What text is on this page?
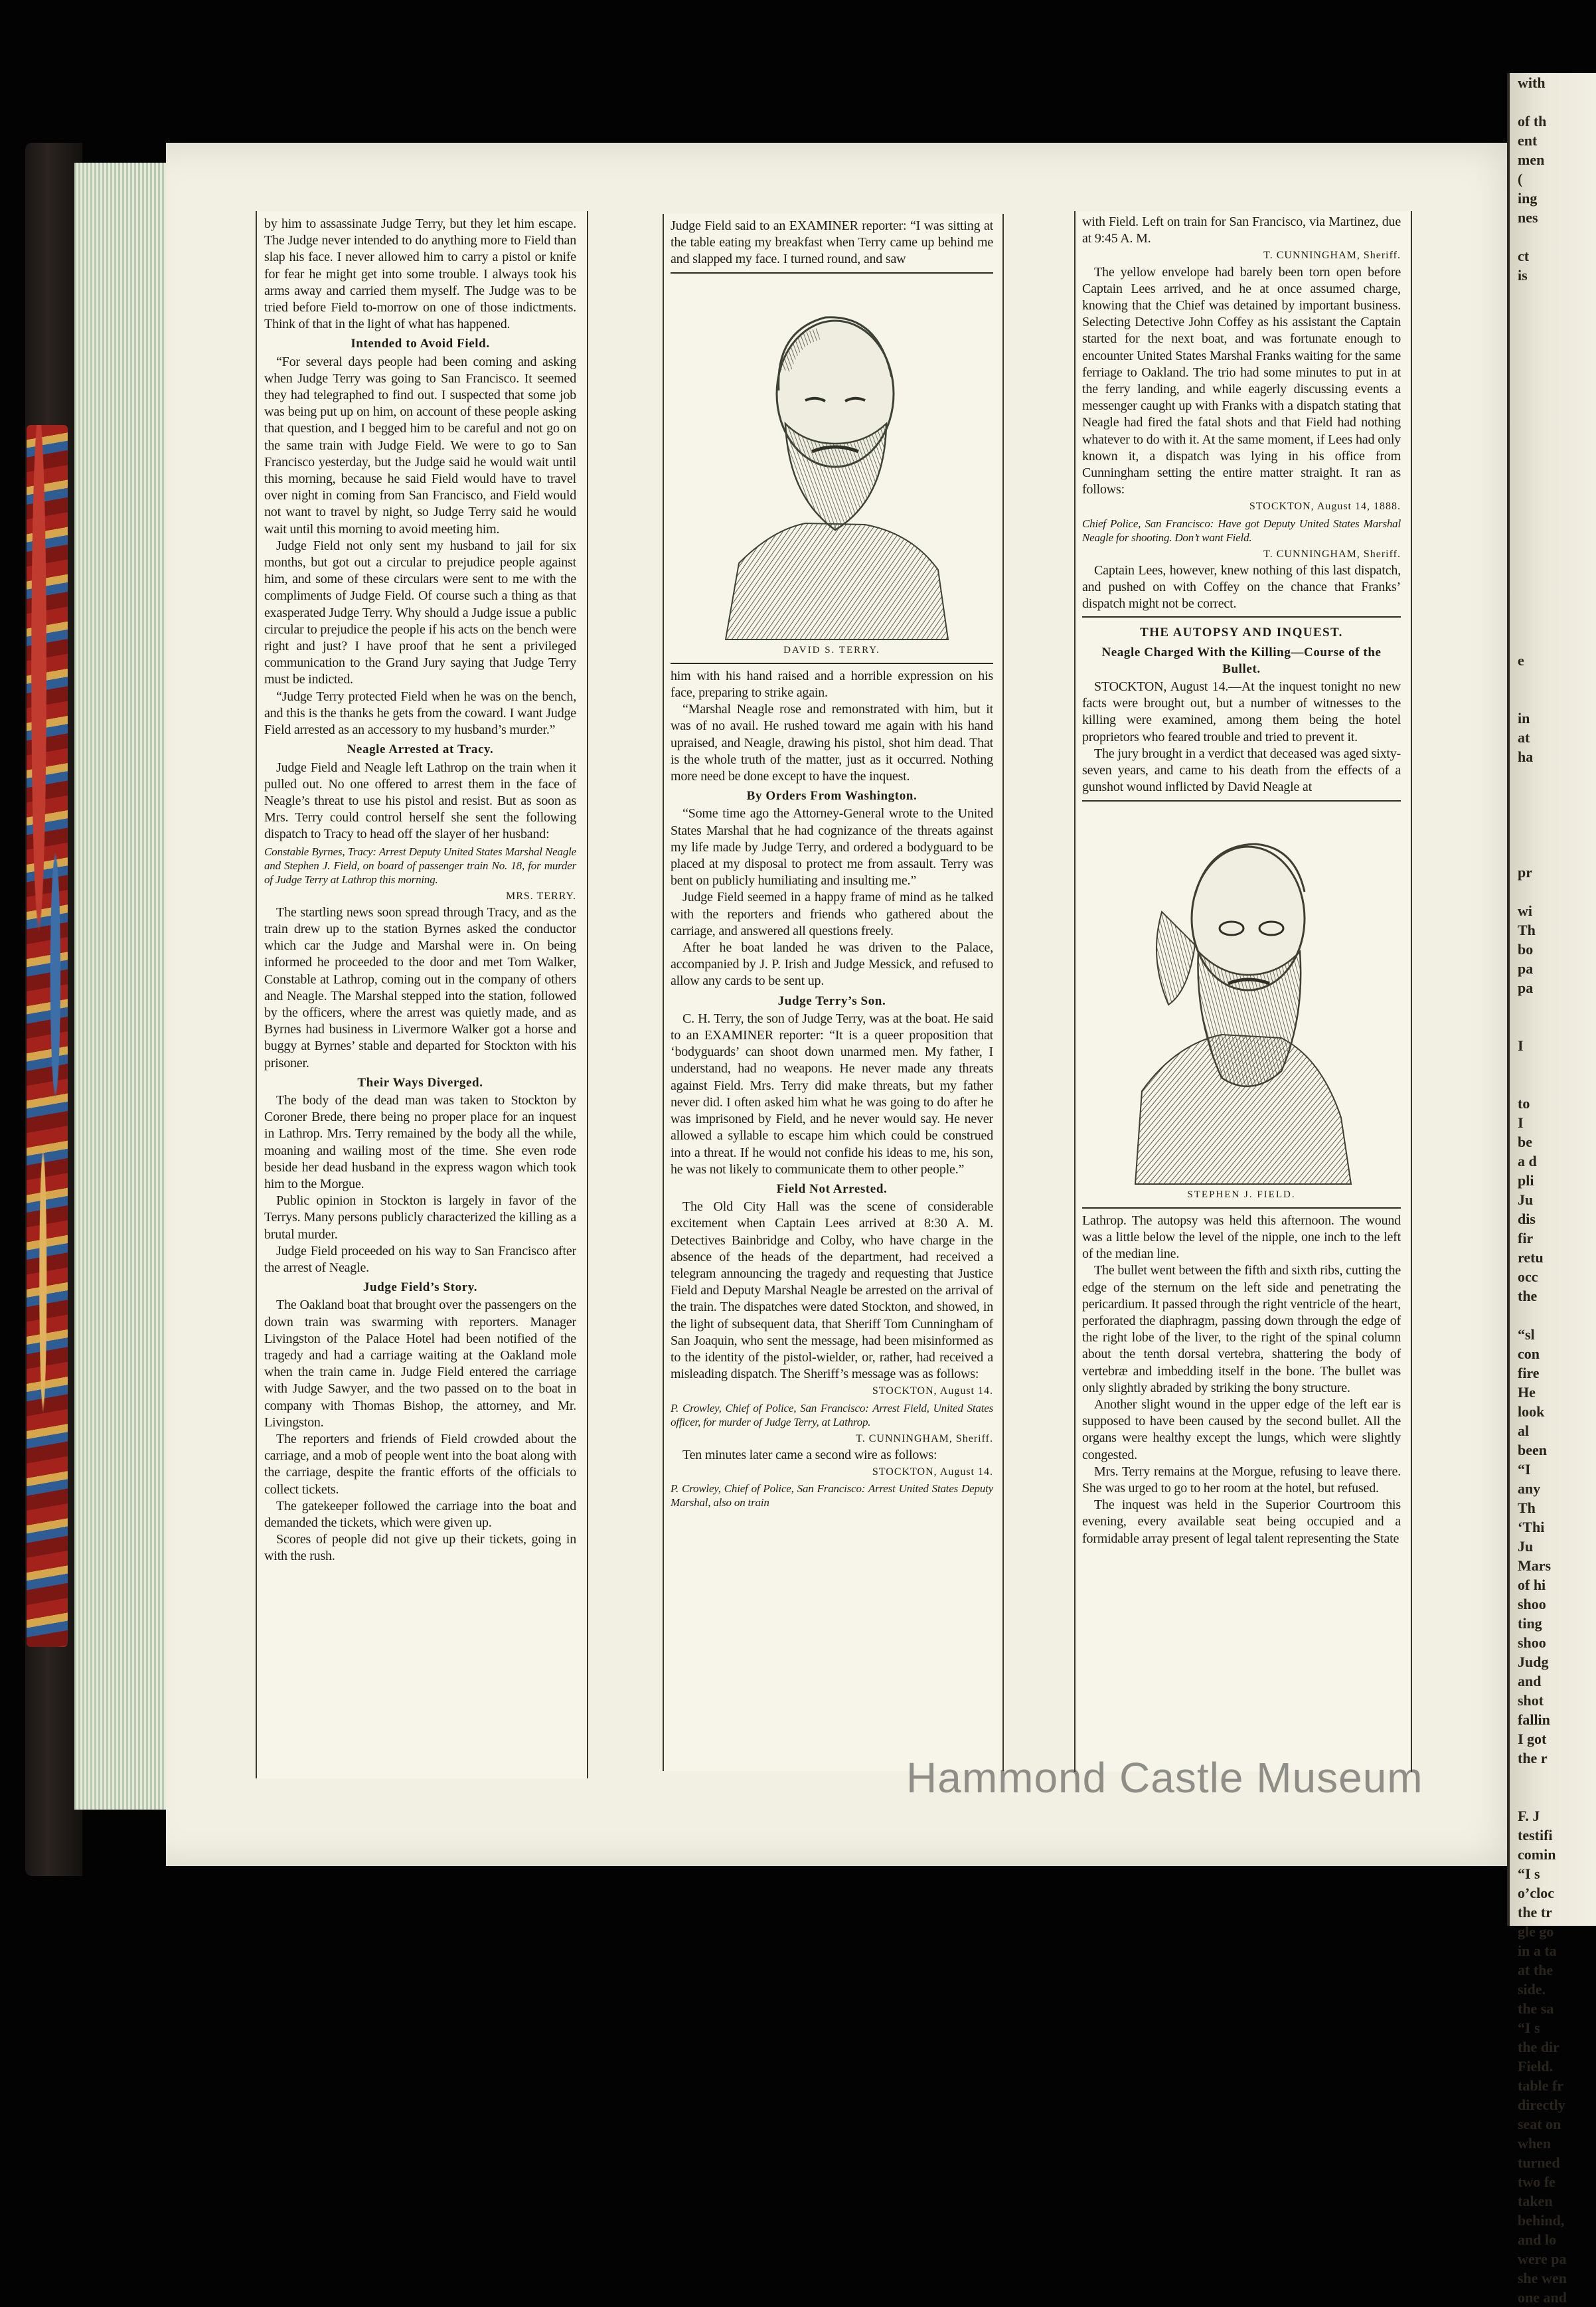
with

of th
ent
men
(
ing
nes

ct
is

e

in
at
ha

pr

wi
Th
bo
pa
pa

I

to
I
be
a d
pli
Ju
dis
fir
retu
occ
the

“sl
con
fire
He
look
al
been
“I
any
Th
‘Thi
Ju
Mars
of hi
shoo
ting
shoo
Judg
and
shot
fallin
I got
the r

F. J
testifi
comin
“I s
o’cloc
the tr
gle go
in a ta
at the
side.
the sa
“I s
the dir
Field.
table fr
directly
seat on
when
turned
two fe
taken
behind,
and lo
were pa
she wen
one and

by him to assassinate Judge Terry, but they let him escape. The Judge never intended to do anything more to Field than slap his face. I never allowed him to carry a pistol or knife for fear he might get into some trouble. I always took his arms away and carried them myself. The Judge was to be tried before Field to-morrow on one of those indictments. Think of that in the light of what has happened.

Intended to Avoid Field.

“For several days people had been coming and asking when Judge Terry was going to San Francisco. It seemed they had telegraphed to find out. I suspected that some job was being put up on him, on account of these people asking that question, and I begged him to be careful and not go on the same train with Judge Field. We were to go to San Francisco yesterday, but the Judge said he would wait until this morning, because he said Field would have to travel over night in coming from San Francisco, and Field would not want to travel by night, so Judge Terry said he would wait until this morning to avoid meeting him.

Judge Field not only sent my husband to jail for six months, but got out a circular to prejudice people against him, and some of these circulars were sent to me with the compliments of Judge Field. Of course such a thing as that exasperated Judge Terry. Why should a Judge issue a public circular to prejudice the people if his acts on the bench were right and just? I have proof that he sent a privileged communication to the Grand Jury saying that Judge Terry must be indicted.

“Judge Terry protected Field when he was on the bench, and this is the thanks he gets from the coward. I want Judge Field arrested as an accessory to my husband’s murder.”

Neagle Arrested at Tracy.

Judge Field and Neagle left Lathrop on the train when it pulled out. No one offered to arrest them in the face of Neagle’s threat to use his pistol and resist. But as soon as Mrs. Terry could control herself she sent the following dispatch to Tracy to head off the slayer of her husband:

Constable Byrnes, Tracy: Arrest Deputy United States Marshal Neagle and Stephen J. Field, on board of passenger train No. 18, for murder of Judge Terry at Lathrop this morning.

MRS. TERRY.

The startling news soon spread through Tracy, and as the train drew up to the station Byrnes asked the conductor which car the Judge and Marshal were in. On being informed he proceeded to the door and met Tom Walker, Constable at Lathrop, coming out in the company of others and Neagle. The Marshal stepped into the station, followed by the officers, where the arrest was quietly made, and as Byrnes had business in Livermore Walker got a horse and buggy at Byrnes’ stable and departed for Stockton with his prisoner.

Their Ways Diverged.

The body of the dead man was taken to Stockton by Coroner Brede, there being no proper place for an inquest in Lathrop. Mrs. Terry remained by the body all the while, moaning and wailing most of the time. She even rode beside her dead husband in the express wagon which took him to the Morgue.

Public opinion in Stockton is largely in favor of the Terrys. Many persons publicly characterized the killing as a brutal murder.

Judge Field proceeded on his way to San Francisco after the arrest of Neagle.

Judge Field’s Story.

The Oakland boat that brought over the passengers on the down train was swarming with reporters. Manager Livingston of the Palace Hotel had been notified of the tragedy and had a carriage waiting at the Oakland mole when the train came in. Judge Field entered the carriage with Judge Sawyer, and the two passed on to the boat in company with Thomas Bishop, the attorney, and Mr. Livingston.

The reporters and friends of Field crowded about the carriage, and a mob of people went into the boat along with the carriage, despite the frantic efforts of the officials to collect tickets.

The gatekeeper followed the carriage into the boat and demanded the tickets, which were given up.

Scores of people did not give up their tickets, going in with the rush.

Judge Field said to an EXAMINER reporter: “I was sitting at the table eating my breakfast when Terry came up behind me and slapped my face. I turned round, and saw

DAVID S. TERRY.

him with his hand raised and a horrible expression on his face, preparing to strike again.

“Marshal Neagle rose and remonstrated with him, but it was of no avail. He rushed toward me again with his hand upraised, and Neagle, drawing his pistol, shot him dead. That is the whole truth of the matter, just as it occurred. Nothing more need be done except to have the inquest.

By Orders From Washington.

“Some time ago the Attorney-General wrote to the United States Marshal that he had cognizance of the threats against my life made by Judge Terry, and ordered a bodyguard to be placed at my disposal to protect me from assault. Terry was bent on publicly humiliating and insulting me.”

Judge Field seemed in a happy frame of mind as he talked with the reporters and friends who gathered about the carriage, and answered all questions freely.

After he boat landed he was driven to the Palace, accompanied by J. P. Irish and Judge Messick, and refused to allow any cards to be sent up.

Judge Terry’s Son.

C. H. Terry, the son of Judge Terry, was at the boat. He said to an EXAMINER reporter: “It is a queer proposition that ‘bodyguards’ can shoot down unarmed men. My father, I understand, had no weapons. He never made any threats against Field. Mrs. Terry did make threats, but my father never did. I often asked him what he was going to do after he was imprisoned by Field, and he never would say. He never allowed a syllable to escape him which could be construed into a threat. If he would not confide his ideas to me, his son, he was not likely to communicate them to other people.”

Field Not Arrested.

The Old City Hall was the scene of considerable excitement when Captain Lees arrived at 8:30 A. M. Detectives Bainbridge and Colby, who have charge in the absence of the heads of the department, had received a telegram announcing the tragedy and requesting that Justice Field and Deputy Marshal Neagle be arrested on the arrival of the train. The dispatches were dated Stockton, and showed, in the light of subsequent data, that Sheriff Tom Cunningham of San Joaquin, who sent the message, had been misinformed as to the identity of the pistol-wielder, or, rather, had received a misleading dispatch. The Sheriff’s message was as follows:

STOCKTON, August 14.

P. Crowley, Chief of Police, San Francisco: Arrest Field, United States officer, for murder of Judge Terry, at Lathrop.

T. CUNNINGHAM, Sheriff.

Ten minutes later came a second wire as follows:

STOCKTON, August 14.

P. Crowley, Chief of Police, San Francisco: Arrest United States Deputy Marshal, also on train

with Field. Left on train for San Francisco, via Martinez, due at 9:45 A. M.

T. CUNNINGHAM, Sheriff.

The yellow envelope had barely been torn open before Captain Lees arrived, and he at once assumed charge, knowing that the Chief was detained by important business. Selecting Detective John Coffey as his assistant the Captain started for the next boat, and was fortunate enough to encounter United States Marshal Franks waiting for the same ferriage to Oakland. The trio had some minutes to put in at the ferry landing, and while eagerly discussing events a messenger caught up with Franks with a dispatch stating that Neagle had fired the fatal shots and that Field had nothing whatever to do with it. At the same moment, if Lees had only known it, a dispatch was lying in his office from Cunningham setting the entire matter straight. It ran as follows:

STOCKTON, August 14, 1888.

Chief Police, San Francisco: Have got Deputy United States Marshal Neagle for shooting. Don’t want Field.

T. CUNNINGHAM, Sheriff.

Captain Lees, however, knew nothing of this last dispatch, and pushed on with Coffey on the chance that Franks’ dispatch might not be correct.

THE AUTOPSY AND INQUEST.
Neagle Charged With the Killing—Course of the Bullet.

STOCKTON, August 14.—At the inquest tonight no new facts were brought out, but a number of witnesses to the killing were examined, among them being the hotel proprietors who feared trouble and tried to prevent it.

The jury brought in a verdict that deceased was aged sixty-seven years, and came to his death from the effects of a gunshot wound inflicted by David Neagle at

STEPHEN J. FIELD.

Lathrop. The autopsy was held this afternoon. The wound was a little below the level of the nipple, one inch to the left of the median line.

The bullet went between the fifth and sixth ribs, cutting the edge of the sternum on the left side and penetrating the pericardium. It passed through the right ventricle of the heart, perforated the diaphragm, passing down through the edge of the right lobe of the liver, to the right of the spinal column about the tenth dorsal vertebra, shattering the body of vertebræ and imbedding itself in the bone. The bullet was only slightly abraded by striking the bony structure.

Another slight wound in the upper edge of the left ear is supposed to have been caused by the second bullet. All the organs were healthy except the lungs, which were slightly congested.

Mrs. Terry remains at the Morgue, refusing to leave there. She was urged to go to her room at the hotel, but refused.

The inquest was held in the Superior Courtroom this evening, every available seat being occupied and a formidable array present of legal talent representing the State

Hammond Castle Museum
